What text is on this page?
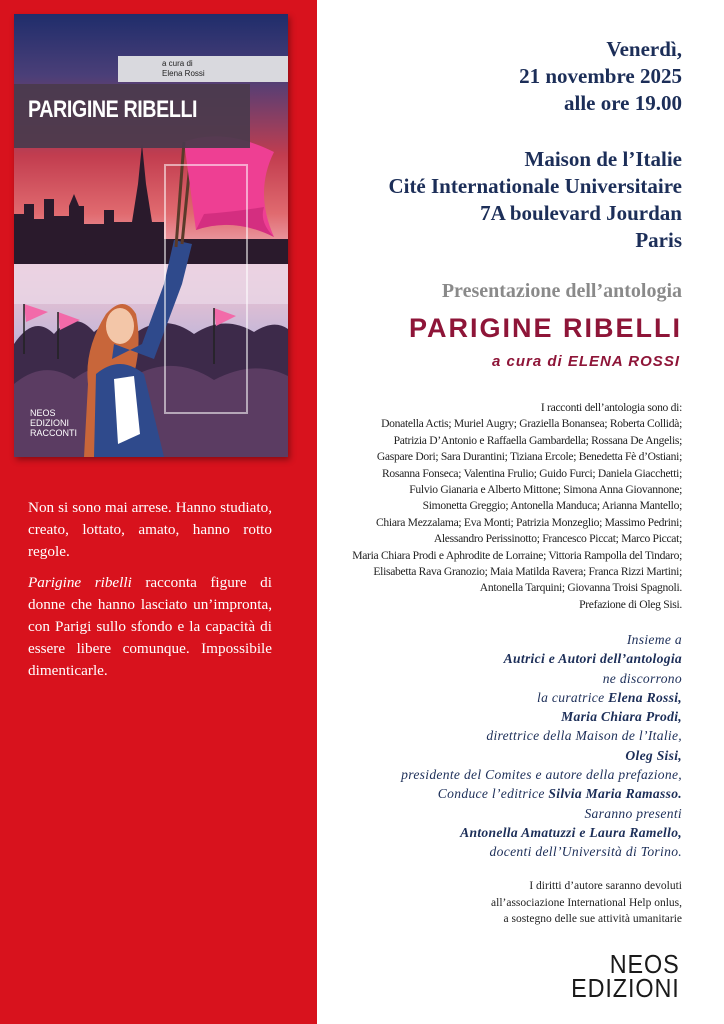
a cura di
Elena Rossi
PARIGINE RIBELLI
NEOS
EDIZIONI
RACCONTI

Non si sono mai arrese. Hanno studiato, creato, lottato, amato, hanno rotto regole.

Parigine ribelli racconta figure di donne che hanno lasciato un’impronta, con Parigi sullo sfondo e la capacità di essere libere comunque. Impossibile dimenticarle.

Venerdì,
21 novembre 2025
alle ore 19.00
Maison de l’Italie
Cité Internationale Universitaire
7A boulevard Jourdan
Paris
Presentazione dell’antologia
PARIGINE RIBELLI
a cura di ELENA ROSSI
I racconti dell’antologia sono di:
Donatella Actis; Muriel Augry; Graziella Bonansea; Roberta Collidà;
Patrizia D’Antonio e Raffaella Gambardella; Rossana De Angelis;
Gaspare Dori; Sara Durantini; Tiziana Ercole; Benedetta Fè d’Ostiani;
Rosanna Fonseca; Valentina Frulio; Guido Furci; Daniela Giacchetti;
Fulvio Gianaria e Alberto Mittone; Simona Anna Giovannone;
Simonetta Greggio; Antonella Manduca; Arianna Mantello;
Chiara Mezzalama; Eva Monti; Patrizia Monzeglio; Massimo Pedrini;
Alessandro Perissinotto; Francesco Piccat; Marco Piccat;
Maria Chiara Prodi e Aphrodite de Lorraine; Vittoria Rampolla del Tindaro;
Elisabetta Rava Granozio; Maia Matilda Ravera; Franca Rizzi Martini;
Antonella Tarquini; Giovanna Troisi Spagnoli.
Prefazione di Oleg Sisi.
Insieme a
Autrici e Autori dell’antologia
ne discorrono
la curatrice Elena Rossi,
Maria Chiara Prodi,
direttrice della Maison de l’Italie,
Oleg Sisi,
presidente del Comites e autore della prefazione,
Conduce l’editrice Silvia Maria Ramasso.
Saranno presenti
Antonella Amatuzzi e Laura Ramello,
docenti dell’Università di Torino.
I diritti d’autore saranno devoluti
all’associazione International Help onlus,
a sostegno delle sue attività umanitarie
NEOS
EDIZIONI
